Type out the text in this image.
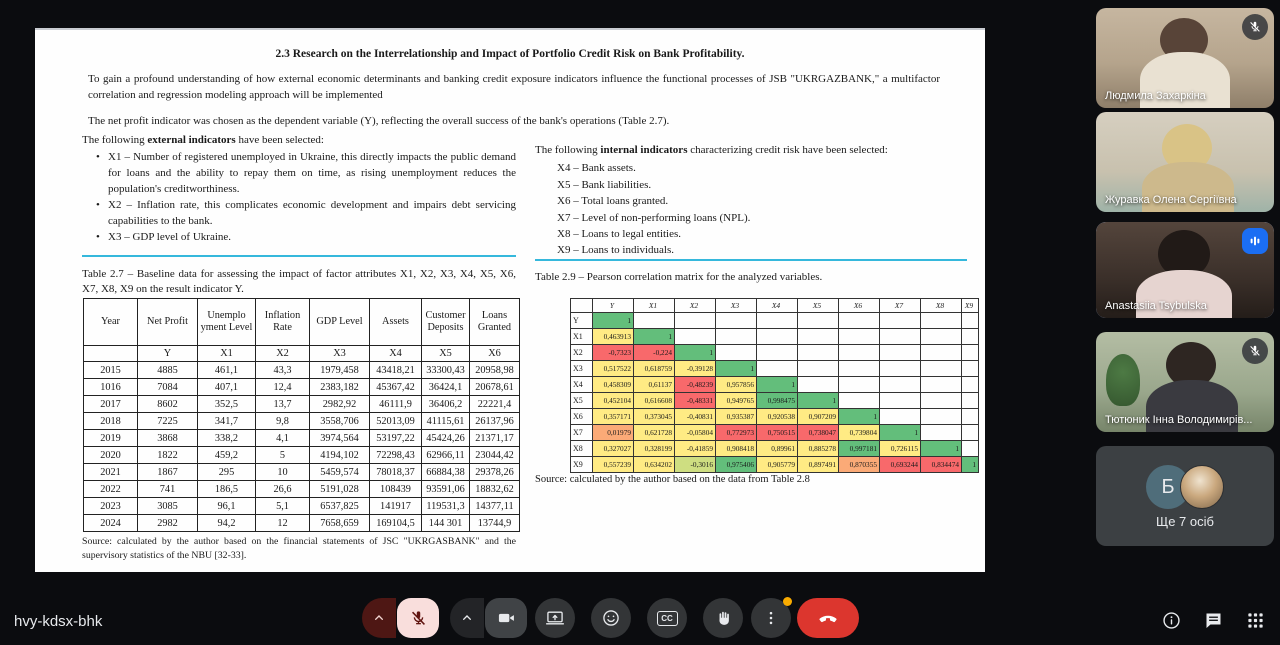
2.3 Research on the Interrelationship and Impact of Portfolio Credit Risk on Bank Profitability.
To gain a profound understanding of how external economic determinants and banking credit exposure indicators influence the functional processes of JSB "UKRGAZBANK," a multifactor correlation and regression modeling approach will be implemented
The net profit indicator was chosen as the dependent variable (Y), reflecting the overall success of the bank's operations (Table 2.7).
The following external indicators have been selected:
• X1 – Number of registered unemployed in Ukraine, this directly impacts the public demand for loans and the ability to repay them on time, as rising unemployment reduces the population's creditworthiness.
• X2 – Inflation rate, this complicates economic development and impairs debt servicing capabilities to the bank.
• X3 – GDP level of Ukraine.
The following internal indicators characterizing credit risk have been selected:
X4 – Bank assets.
X5 – Bank liabilities.
X6 – Total loans granted.
X7 – Level of non-performing loans (NPL).
X8 – Loans to legal entities.
X9 – Loans to individuals.
Table 2.7 – Baseline data for assessing the impact of factor attributes X1, X2, X3, X4, X5, X6, X7, X8, X9 on the result indicator Y.
Table 2.9 – Pearson correlation matrix for the analyzed variables.
Year	Net Profit	Unemplo yment Level	Inflation Rate	GDP Level	Assets	Customer Deposits	Loans Granted
	Y	X1	X2	X3	X4	X5	X6
2015	4885	461,1	43,3	1979,458	43418,21	33300,43	20958,98
1016	7084	407,1	12,4	2383,182	45367,42	36424,1	20678,61
2017	8602	352,5	13,7	2982,92	46111,9	36406,2	22221,4
2018	7225	341,7	9,8	3558,706	52013,09	41115,61	26137,96
2019	3868	338,2	4,1	3974,564	53197,22	45424,26	21371,17
2020	1822	459,2	5	4194,102	72298,43	62966,11	23044,42
2021	1867	295	10	5459,574	78018,37	66884,38	29378,26
2022	741	186,5	26,6	5191,028	108439	93591,06	18832,62
2023	3085	96,1	5,1	6537,825	141917	119531,3	14377,11
2024	2982	94,2	12	7658,659	169104,5	144 301	13744,9
Source: calculated by the author based on the financial statements of JSC "UKRGASBANK" and the supervisory statistics of the NBU [32-33].
	Y	X1	X2	X3	X4	X5	X6	X7	X8	X9
Y	1									
X1	0,463913	1								
X2	-0,7323	-0,224	1							
X3	0,517522	0,618759	-0,39128	1						
X4	0,458309	0,61137	-0,48239	0,957856	1					
X5	0,452104	0,616608	-0,48331	0,949765	0,998475	1				
X6	0,357171	0,373045	-0,40831	0,935387	0,920538	0,907209	1			
X7	0,01979	0,621728	-0,05804	0,772973	0,750515	0,738047	0,739804	1		
X8	0,327027	0,328199	-0,41859	0,908418	0,89961	0,885278	0,997181	0,726115	1	
X9	0,557239	0,634202	-0,3016	0,975406	0,905779	0,897491	0,870355	0,693244	0,834474	1
Source: calculated by the author based on the data from Table 2.8
Людмила Захаркіна
Журавка Олена Сергіївна
Anastasiia Tsybulska
Тютюник Інна Володимирів...
Б
Ще 7 осіб
hvy-kdsx-bhk	CC
